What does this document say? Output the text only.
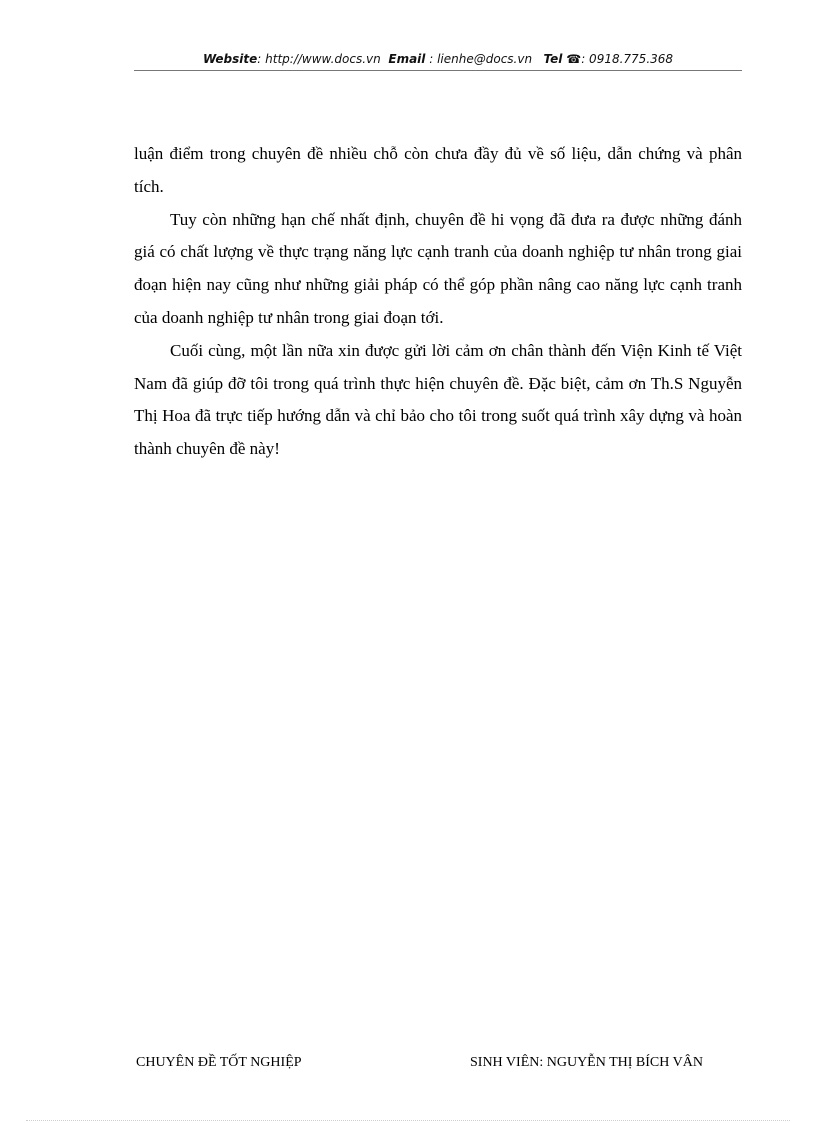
Website: http://www.docs.vn Email : lienhe@docs.vn Tel ☎: 0918.775.368

luận điểm trong chuyên đề nhiều chỗ còn chưa đầy đủ về số liệu, dẫn chứng và phân tích.

Tuy còn những hạn chế nhất định, chuyên đề hi vọng đã đưa ra được những đánh giá có chất lượng về thực trạng năng lực cạnh tranh của doanh nghiệp tư nhân trong giai đoạn hiện nay cũng như những giải pháp có thể góp phần nâng cao năng lực cạnh tranh của doanh nghiệp tư nhân trong giai đoạn tới.

Cuối cùng, một lần nữa xin được gửi lời cảm ơn chân thành đến Viện Kinh tế Việt Nam đã giúp đỡ tôi trong quá trình thực hiện chuyên đề. Đặc biệt, cảm ơn Th.S Nguyễn Thị Hoa đã trực tiếp hướng dẫn và chỉ bảo cho tôi trong suốt quá trình xây dựng và hoàn thành chuyên đề này!

CHUYÊN ĐỀ TỐT NGHIỆP	SINH VIÊN: NGUYỄN THỊ BÍCH VÂN
